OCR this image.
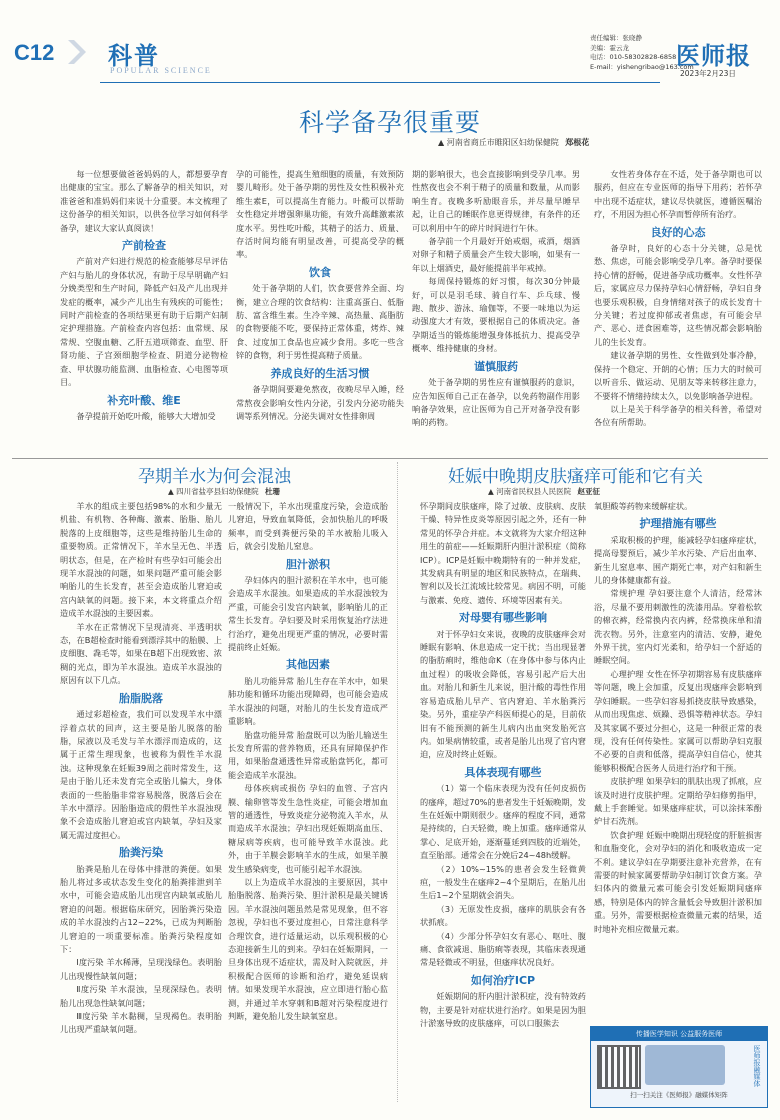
C12 科普
POPULAR SCIENCE
责任编辑：张晓静
美编：霍云龙
电话：010-58302828-6858
E-mail：yishengribao@163.com
医师报
2023年2月23日
科学备孕很重要
▲ 河南省商丘市睢阳区妇幼保健院 郑根花

每一位想要做爸爸妈妈的人，都想要孕育出健康的宝宝。那么了解备孕的相关知识，对准爸爸和准妈妈们来说十分重要。本文梳理了这份备孕的相关知识，以供各位学习如何科学备孕，建议大家认真阅读！

产前检查

产前对产妇进行规范的检查能够尽早评估产妇与胎儿的身体状况，有助于尽早明确产妇分娩类型和生产时间，降低产妇及产儿出现并发症的概率，减少产儿出生有残疾的可能性；同时产前检查的各项结果更有助于后期产妇制定护理措施。产前检查内容包括：血常规、尿常规、空腹血糖、乙肝五道项筛查、血型、肝肾功能、子宫颈细胞学检查、阴道分泌物检查、甲状腺功能监测、血脂检查、心电图等项目。

补充叶酸、维E

备孕提前开始吃叶酸，能够大大增加受

孕的可能性，提高生殖细胞的质量，有效预防婴儿畸形。处于备孕期的男性及女性积极补充维生素E，可以提高生育能力。叶酸可以帮助女性稳定并增强卵巢功能，有效升高雌激素浓度水平。男性吃叶酸，其精子的活力、质量、存活时间均能有明显改善，可提高受孕的概率。

饮食

处于备孕期的人们，饮食要营养全面、均衡，建立合理的饮食结构：注重高蛋白、低脂肪、富含维生素。生冷辛辣、高热量、高脂肪的食物要能不吃，要保持正常体重，烤炸、辣食、过度加工食品也应减少食用。多吃一些含锌的食物，利于男性提高精子质量。

养成良好的生活习惯

备孕期间要避免熬夜，夜晚尽早入睡，经常熬夜会影响女性内分泌，引发内分泌功能失调等系列情况。分泌失调对女性排卵周

期的影响很大，也会直接影响到受孕几率。男性熬夜也会不利于精子的质量和数量，从而影响生育。夜晚多听励眼音乐，并尽量早睡早起，让自己的睡眠作息更得规律，有条件的还可以利用中午的碎片时间进行午休。

备孕前一个月最好开始戒烟，戒酒，烟酒对卵子和精子质量会产生较大影响，如果有一年以上烟酒史，最好能提前半年戒掉。

每周保持锻炼的好习惯，每次30分钟最好，可以是羽毛球、骑自行车、乒乓球、慢跑、散步、游泳、瑜伽等，不要一味地以为运动强度大才有效，要根据自己的体质决定。备孕期适当的锻炼能增强身体抵抗力、提高受孕概率、维持健康的身材。

谨慎服药

处于备孕期的男性应有谨慎服药的意识，应告知医师自己正在备孕，以免药物副作用影响备孕效果，应让医师为自己开对备孕没有影响的药物。

女性若身体存在不适，处于备孕期也可以服药，但应在专业医师的指导下用药；若怀孕中出现不适症状，建议尽快就医，遵循医嘱治疗，不用因为担心怀孕而暂停所有治疗。

良好的心态

备孕时，良好的心态十分关键，总是忧愁、焦虑，可能会影响受孕几率。备孕时要保持心情的舒畅，促进备孕成功概率。女性怀孕后，家属应尽力保持孕妇心情舒畅，孕妇自身也要乐观积极，自身情绪对孩子的成长发育十分关键；若过度抑郁或者焦虑，有可能会早产、恶心、迸食困难等，这些情况都会影响胎儿的生长发育。

建议备孕期的男性、女性做到处事冷静，保持一个稳定、开朗的心情；压力大的时候可以听音乐、做运动、见朋友等来转移注意力，不要将不情绪持续太久，以免影响备孕进程。

以上是关于科学备孕的相关科普，希望对各位有所帮助。

孕期羊水为何会混浊
▲ 四川省盐亭县妇幼保健院 杜珊

羊水的组成主要包括98%的水和少量无机盐、有机物、各种酶、激素、胎脂、胎儿脱落的上皮细胞等，这些是维持胎儿生命的重要物质。正常情况下，羊水呈无色、半透明状态，但是，在产检时有些孕妇可能会出现羊水混浊的问题，如果问题严重可能会影响胎儿的生长发育，甚至会造成胎儿窘迫或宫内缺氧的问题。接下来，本文将重点介绍造成羊水混浊的主要因素。

羊水在正常情况下呈现清亮、半透明状态，在B超检查时能看到漂浮其中的胎膜、上皮细胞、毳毛等，如果在B超下出现致密、浓稠的光点，即为羊水混浊。造成羊水混浊的原因有以下几点。

胎脂脱落

通过彩超检查，我们可以发现羊水中漂浮着点状的回声，这主要是胎儿脱落的胎脂，尿液以及毛发与羊水漂浮而造成的，这属于正常生理现象，也被称为假性羊水混浊。这种现象在妊娠39周之前时常发生，这是由于胎儿还未发育完全或胎儿偏大，身体表面的一些胎脂非常容易脱落，脱落后会在羊水中漂浮。因胎脂造成的假性羊水混浊现象不会造成胎儿窘迫或宫内缺氧，孕妇及家属无需过度担心。

胎粪污染

胎粪是胎儿在母体中排泄的粪便。如果胎儿将过多或状态发生变化的胎粪排泄到羊水中，可能会造成胎儿出现宫内缺氧或胎儿窘迫的问题。根据临床研究，因胎粪污染造成的羊水混浊约占12~22%，已成为判断胎儿窘迫的一项重要标准。胎粪污染程度如下：

Ⅰ度污染 羊水稀薄，呈现浅绿色。表明胎儿出现慢性缺氧问题；

Ⅱ度污染 羊水混浊，呈现深绿色。表明胎儿出现急性缺氧问题；

Ⅲ度污染 羊水黏稠，呈现褐色。表明胎儿出现严重缺氧问题。

一般情况下，羊水出现重度污染，会造成胎儿窘迫，导致血氧降低，会加快胎儿的呼吸频率，而受到粪便污染的羊水被胎儿吸入后，就会引发胎儿窒息。

胆汁淤积

孕妇体内的胆汁淤积在羊水中，也可能会造成羊水混浊。如果造成的羊水混浊较为严重，可能会引发宫内缺氧，影响胎儿的正常生长发育。孕妇要及时采用恢复治疗法进行治疗，避免出现更严重的情况，必要时需提前终止妊娠。

其他因素

胎儿功能异常 胎儿生存在羊水中，如果肺功能和循环功能出现障碍，也可能会造成羊水混浊的问题，对胎儿的生长发育造成严重影响。

胎盘功能异常 胎盘既可以为胎儿输送生长发育所需的营养物质，还具有屏障保护作用，如果胎盘通透性异常或胎盘钙化，都可能会造成羊水混浊。

母体疾病或损伤 孕妇的血管、子宫内膜、输卵管等发生急性炎症，可能会增加血管的通透性，导致炎症分泌物流入羊水，从而造成羊水混浊；孕妇出现妊娠期高血压、糖尿病等疾病，也可能导致羊水混浊。此外，由于羊膜会影响羊水的生成，如果羊膜发生感染病变，也可能引起羊水混浊。

以上为造成羊水混浊的主要原因，其中胎脂脱落、胎粪污染、胆汁淤积是最关键诱因。羊水混浊问题虽然是常见现象，但不容忽视，孕妇也不要过度担心，日常注意科学合理饮食，进行适量运动，以乐观积极的心态迎接新生儿的到来。孕妇在妊娠期间，一旦身体出现不适症状，需及时入院就医，并积极配合医师的诊断和治疗，避免延误病情。如果发现羊水混浊，应立即进行胎心监测，并通过羊水穿刺和B超对污染程度进行判断，避免胎儿发生缺氧窒息。

妊娠中晚期皮肤瘙痒可能和它有关
▲ 河南省民权县人民医院 赵亚征

怀孕期间皮肤瘙痒，除了过敏、皮肤病、皮肤干燥、特异性皮炎等原因引起之外，还有一种常见的怀孕合并症。本文就将为大家介绍这种用生的前症——妊娠期肝内胆汁淤积症（简称ICP）。ICP是妊娠中晚期特有的一种并发症，其发病具有明显的地区和民族特点，在瑞典、智利以及长江流域比较常见。病因不明，可能与激素、免疫、遗传、环境等因素有关。

对母婴有哪些影响

对于怀孕妇女来说，夜晚的皮肤瘙痒会对睡眠有影响、休息造成一定干扰；当出现显著的脂肪痢时，维他命K（在身体中参与体内止血过程）的吸收会降低，容易引起产后大出血。对胎儿和新生儿来说，胆汁酸的毒性作用容易造成胎儿早产、官内窘迫、羊水胎粪污染。另外，重症孕产科医师提心的是，目前依旧有不能预测的新生儿病内出血突发胎死宫内。如果病情较重，或者是胎儿出现了官内窘迫，应及时终止妊娠。

具体表现有哪些

（1）第一个临床表现为没有任何皮损伤的瘙痒，超过70%的患者发生于妊娠晚期，发生在妊娠中期则很少。瘙痒的程度不同，通常是持续的，白天轻微，晚上加重。瘙痒通常从掌心、足底开始，逐渐蔓延到四肢的近端处，直至胎部。通常会在分娩后24~48h缓解。

（2）10%~15%的患者会发生轻微黄疸，一般发生在瘙痒2~4个星期后，在胎儿出生后1~2个星期就会消失。

（3）无原发性皮损，瘙痒的肌肤会有各状抓痕。

（4）少部分怀孕妇女有恶心、呕吐、腹痛、食欲减退、脂肪痢等表现，其临床表现通常是轻微或不明显，但瘙痒状况良好。

如何治疗ICP

妊娠期间的肝内胆汁淤积症，没有特效药物，主要是针对症状进行治疗。如果是因为胆汁淤塞导致的皮肤瘙痒，可以口服熊去

氧胆酸等药物来缓解症状。

护理措施有哪些

采取积极的护理，能减轻孕妇瘙痒症状，提高母婴预后，减少羊水污染、产后出血率、新生儿窒息率、围产期死亡率，对产妇和新生儿的身体健康都有益。

常规护理 孕妇要注意个人清洁，经常沐浴，尽量不要用刺激性的洗漆用品。穿着松软的棉衣裤，经常换内衣内裤，经常换床单和清洗衣物。另外，注意室内的清洁、安静，避免外界干扰，室内灯光柔和，给孕妇一个舒适的睡眠空间。

心理护理 女性在怀孕初期容易有皮肤瘙痒等问题，晚上会加重，反复出现瘙痒会影响到孕妇睡眠。一些孕妇容易抓挠皮肤导致感染，从而出现焦虑、烦躁、恐惧等精神状态。孕妇及其家属不要过分担心，这是一种很正常的表现，没有任何传染性。家属可以帮助孕妇克服不必要的自责和低落，提高孕妇自信心，使其能够积极配合医务人员进行治疗和干预。

皮肤护理 如果孕妇的肌肤出现了抓痕，应该及时进行皮肤护理。定期给孕妇修剪指甲，戴上手套睡觉。如果瘙痒症状，可以涂抹苯酚炉甘石洗剂。

饮食护理 妊娠中晚期出现轻度的肝脏损害和血脂变化，会对孕妇的消化和吸收造成一定不利。建议孕妇在孕期要注意补充营养，在有需要的时候家属要帮助孕妇制订饮食方案。孕妇体内的微量元素可能会引发妊娠期间瘙痒感，特别是体内的锌含量低会导致胆汁淤积加重。另外，需要根据检查微量元素的结果，适时地补充相应微量元素。

传播医学知识 公益服务医师
医师报融媒体
扫一扫关注《医师报》融媒体矩阵
